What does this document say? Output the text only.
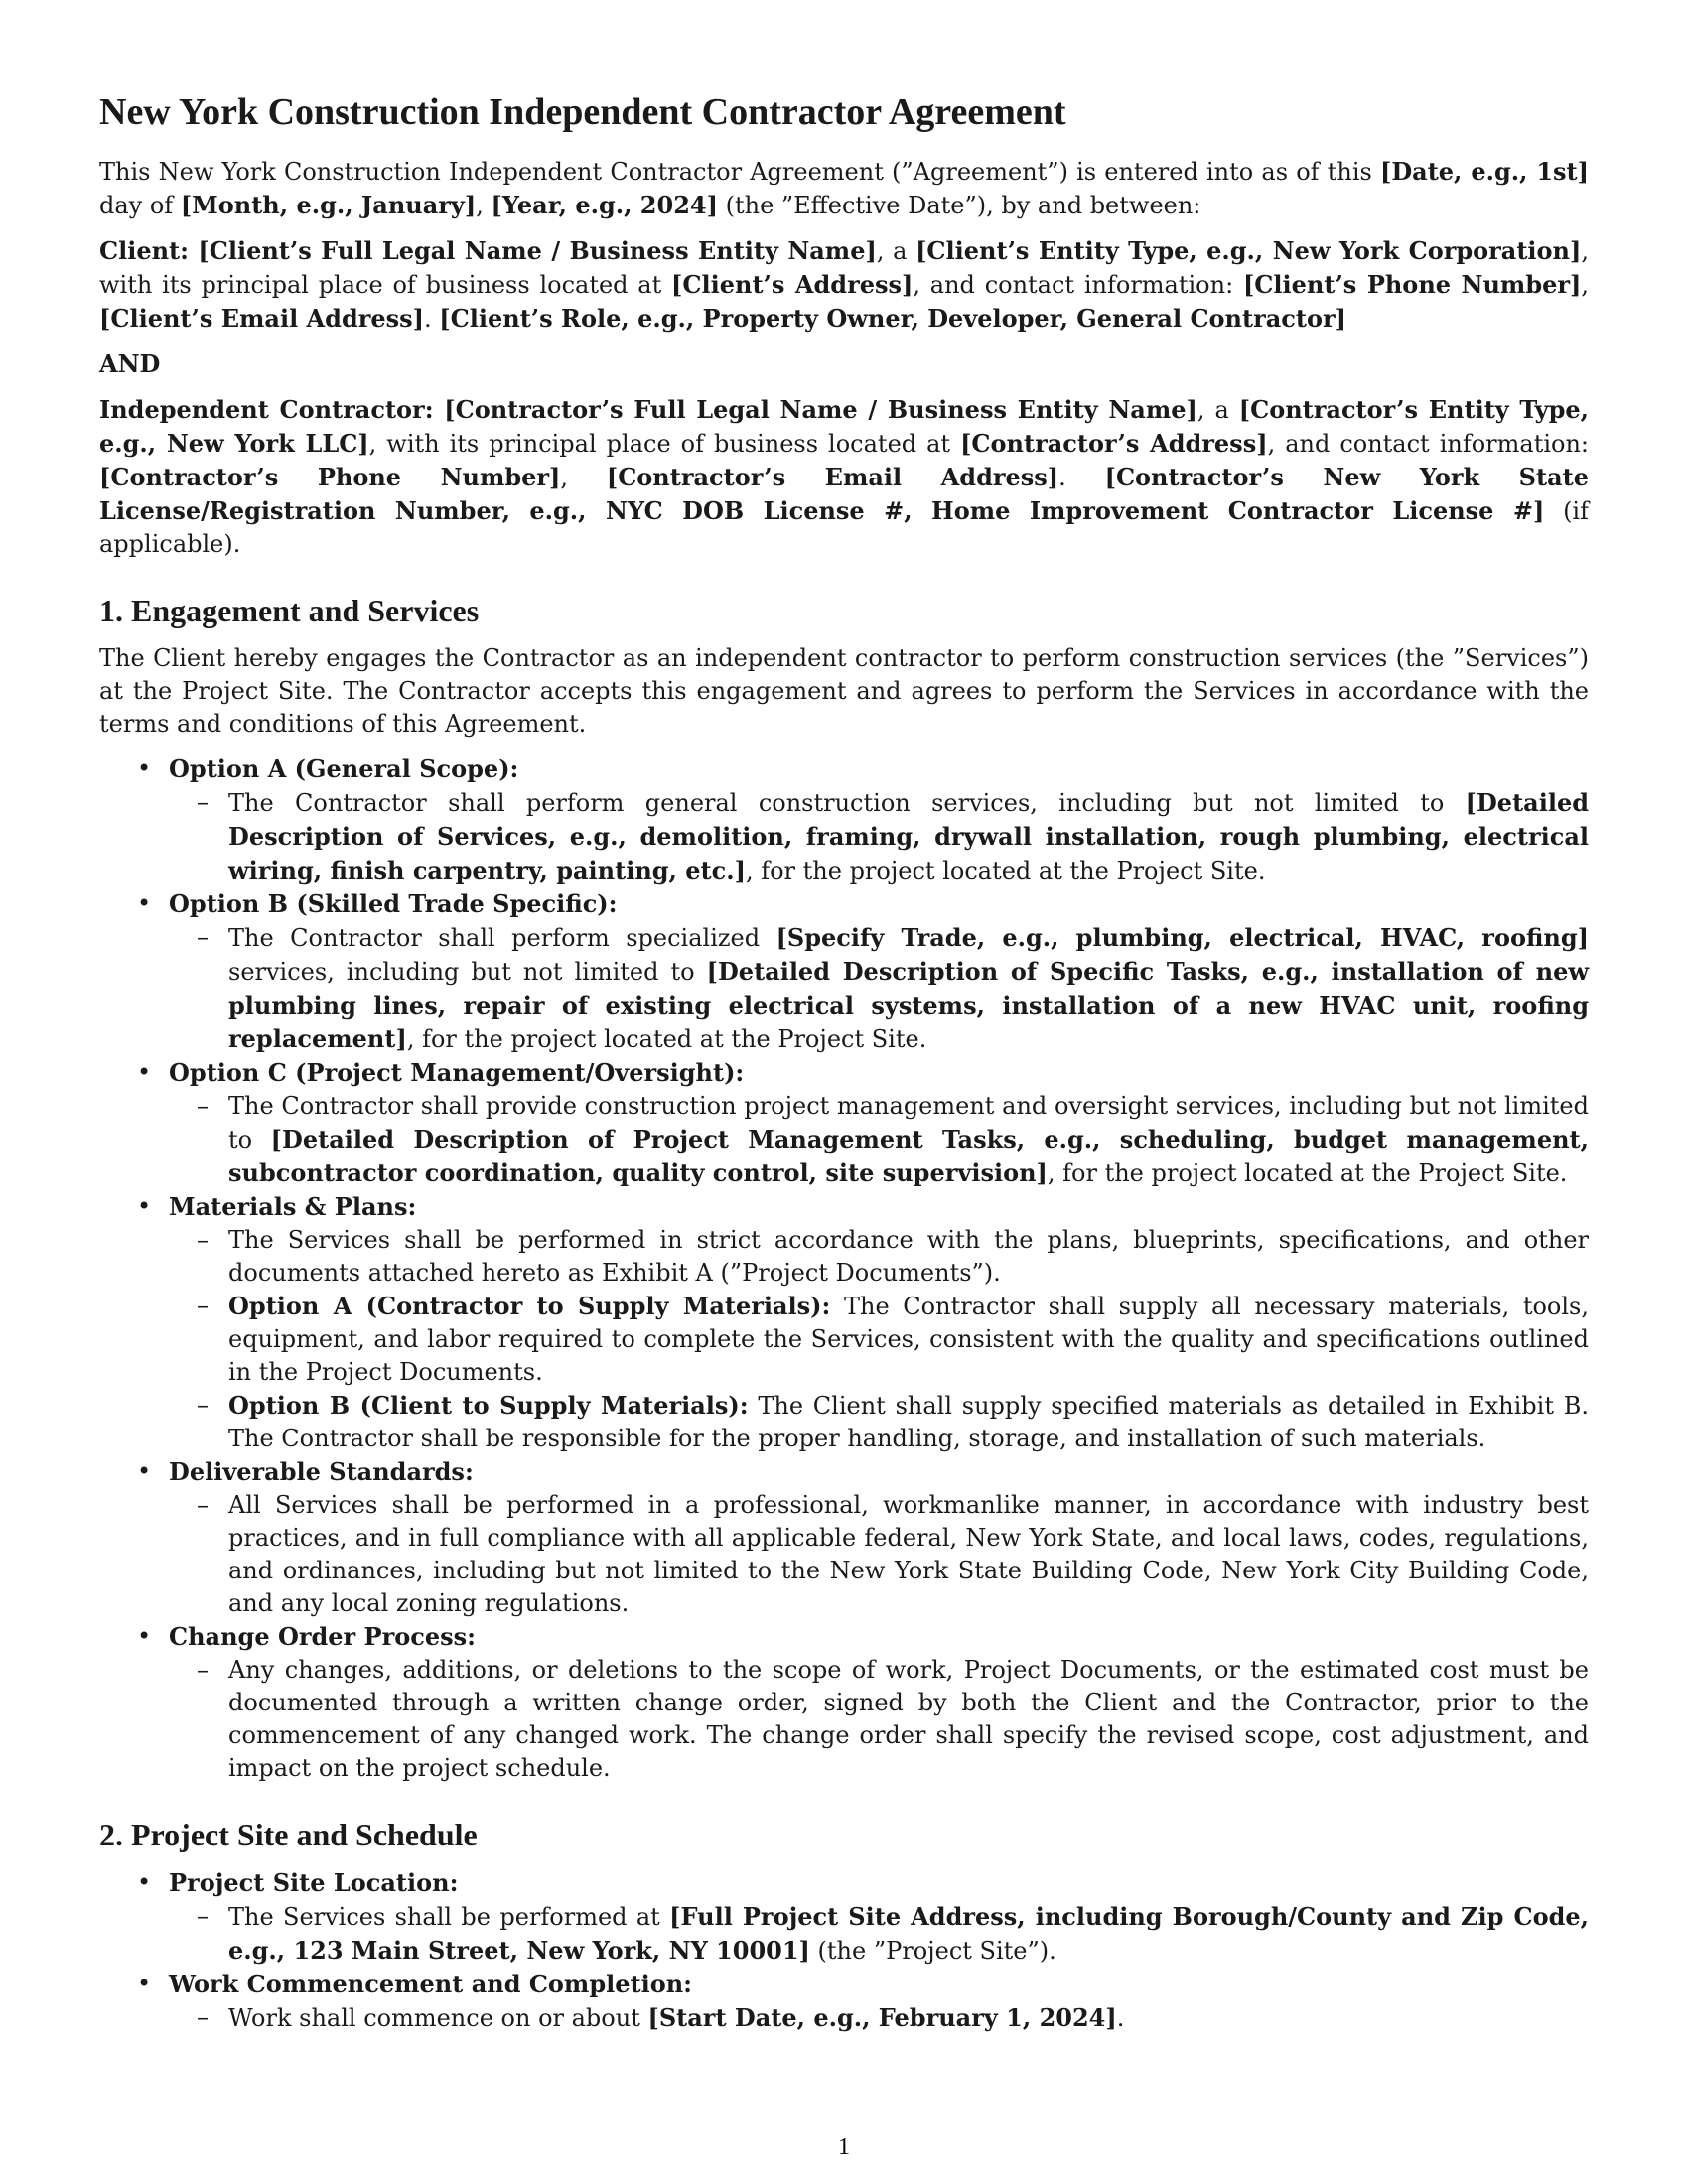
New York Construction Independent Contractor Agreement

This New York Construction Independent Contractor Agreement (”Agreement”) is entered into as of this [Date, e.g., 1st] day of [Month, e.g., January], [Year, e.g., 2024] (the ”Effective Date”), by and between:

Client: [Client’s Full Legal Name / Business Entity Name], a [Client’s Entity Type, e.g., New York Corporation], with its principal place of business located at [Client’s Address], and contact information: [Client’s Phone Number], [Client’s Email Address]. [Client’s Role, e.g., Property Owner, Developer, General Contractor]

AND

Independent Contractor: [Contractor’s Full Legal Name / Business Entity Name], a [Contractor’s Entity Type, e.g., New York LLC], with its principal place of business located at [Contractor’s Address], and contact information: [Contractor’s Phone Number], [Contractor’s Email Address]. [Contractor’s New York State License/Registration Number, e.g., NYC DOB License #, Home Improvement Contractor License #] (if applicable).

1. Engagement and Services

The Client hereby engages the Contractor as an independent contractor to perform construction services (the ”Services”) at the Project Site. The Contractor accepts this engagement and agrees to perform the Services in accordance with the terms and conditions of this Agreement.

• Option A (General Scope):
– The Contractor shall perform general construction services, including but not limited to [Detailed Description of Services, e.g., demolition, framing, drywall installation, rough plumbing, electrical wiring, finish carpentry, painting, etc.], for the project located at the Project Site.
• Option B (Skilled Trade Specific):
– The Contractor shall perform specialized [Specify Trade, e.g., plumbing, electrical, HVAC, roofing] services, including but not limited to [Detailed Description of Specific Tasks, e.g., installation of new plumbing lines, repair of existing electrical systems, installation of a new HVAC unit, roofing replacement], for the project located at the Project Site.
• Option C (Project Management/Oversight):
– The Contractor shall provide construction project management and oversight services, including but not limited to [Detailed Description of Project Management Tasks, e.g., scheduling, budget management, subcontractor coordination, quality control, site supervision], for the project located at the Project Site.
• Materials & Plans:
– The Services shall be performed in strict accordance with the plans, blueprints, specifications, and other documents attached hereto as Exhibit A (”Project Documents”).
– Option A (Contractor to Supply Materials): The Contractor shall supply all necessary materials, tools, equipment, and labor required to complete the Services, consistent with the quality and specifications outlined in the Project Documents.
– Option B (Client to Supply Materials): The Client shall supply specified materials as detailed in Exhibit B. The Contractor shall be responsible for the proper handling, storage, and installation of such materials.
• Deliverable Standards:
– All Services shall be performed in a professional, workmanlike manner, in accordance with industry best practices, and in full compliance with all applicable federal, New York State, and local laws, codes, regulations, and ordinances, including but not limited to the New York State Building Code, New York City Building Code, and any local zoning regulations.
• Change Order Process:
– Any changes, additions, or deletions to the scope of work, Project Documents, or the estimated cost must be documented through a written change order, signed by both the Client and the Contractor, prior to the commencement of any changed work. The change order shall specify the revised scope, cost adjustment, and impact on the project schedule.
2. Project Site and Schedule
• Project Site Location:
– The Services shall be performed at [Full Project Site Address, including Borough/County and Zip Code, e.g., 123 Main Street, New York, NY 10001] (the ”Project Site”).
• Work Commencement and Completion:
– Work shall commence on or about [Start Date, e.g., February 1, 2024].
1
